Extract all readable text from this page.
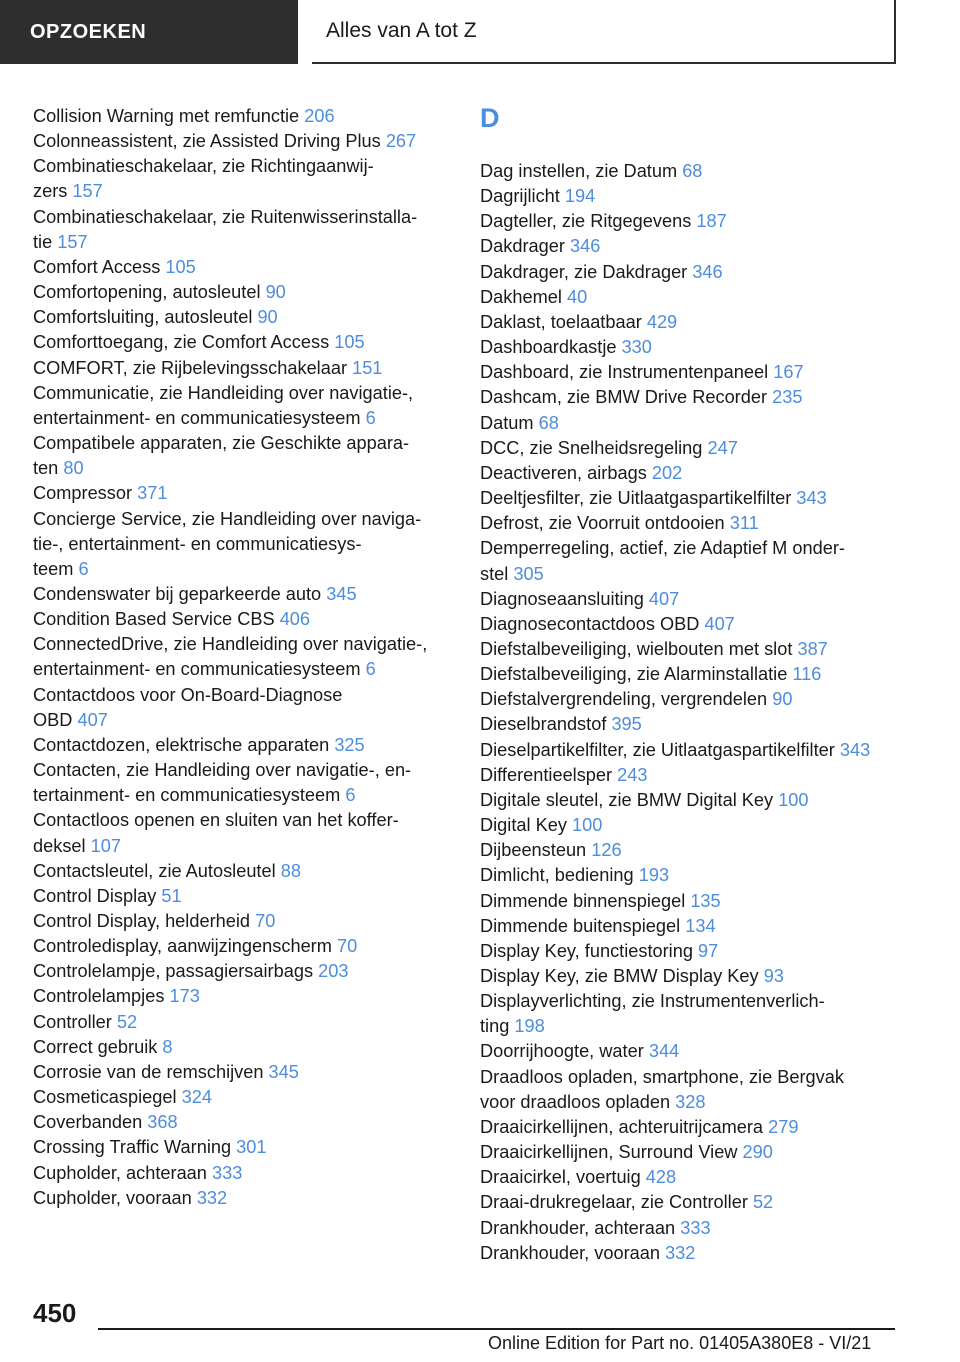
OPZOEKEN	Alles van A tot Z
Collision Warning met remfunctie 206
Colonneassistent, zie Assisted Driving Plus 267
Combinatieschakelaar, zie Richtingaanwij-
zers 157
Combinatieschakelaar, zie Ruitenwisserinstalla-
tie 157
Comfort Access 105
Comfortopening, autosleutel 90
Comfortsluiting, autosleutel 90
Comforttoegang, zie Comfort Access 105
COMFORT, zie Rijbelevingsschakelaar 151
Communicatie, zie Handleiding over navigatie-,
entertainment- en communicatiesysteem 6
Compatibele apparaten, zie Geschikte appara-
ten 80
Compressor 371
Concierge Service, zie Handleiding over naviga-
tie-, entertainment- en communicatiesys-
teem 6
Condenswater bij geparkeerde auto 345
Condition Based Service CBS 406
ConnectedDrive, zie Handleiding over navigatie-,
entertainment- en communicatiesysteem 6
Contactdoos voor On-Board-Diagnose
OBD 407
Contactdozen, elektrische apparaten 325
Contacten, zie Handleiding over navigatie-, en-
tertainment- en communicatiesysteem 6
Contactloos openen en sluiten van het koffer-
deksel 107
Contactsleutel, zie Autosleutel 88
Control Display 51
Control Display, helderheid 70
Controledisplay, aanwijzingenscherm 70
Controlelampje, passagiersairbags 203
Controlelampjes 173
Controller 52
Correct gebruik 8
Corrosie van de remschijven 345
Cosmeticaspiegel 324
Coverbanden 368
Crossing Traffic Warning 301
Cupholder, achteraan 333
Cupholder, vooraan 332
D
Dag instellen, zie Datum 68
Dagrijlicht 194
Dagteller, zie Ritgegevens 187
Dakdrager 346
Dakdrager, zie Dakdrager 346
Dakhemel 40
Daklast, toelaatbaar 429
Dashboardkastje 330
Dashboard, zie Instrumentenpaneel 167
Dashcam, zie BMW Drive Recorder 235
Datum 68
DCC, zie Snelheidsregeling 247
Deactiveren, airbags 202
Deeltjesfilter, zie Uitlaatgaspartikelfilter 343
Defrost, zie Voorruit ontdooien 311
Demperregeling, actief, zie Adaptief M onder-
stel 305
Diagnoseaansluiting 407
Diagnosecontactdoos OBD 407
Diefstalbeveiliging, wielbouten met slot 387
Diefstalbeveiliging, zie Alarminstallatie 116
Diefstalvergrendeling, vergrendelen 90
Dieselbrandstof 395
Dieselpartikelfilter, zie Uitlaatgaspartikelfilter 343
Differentieelsper 243
Digitale sleutel, zie BMW Digital Key 100
Digital Key 100
Dijbeensteun 126
Dimlicht, bediening 193
Dimmende binnenspiegel 135
Dimmende buitenspiegel 134
Display Key, functiestoring 97
Display Key, zie BMW Display Key 93
Displayverlichting, zie Instrumentenverlich-
ting 198
Doorrijhoogte, water 344
Draadloos opladen, smartphone, zie Bergvak
voor draadloos opladen 328
Draaicirkellijnen, achteruitrijcamera 279
Draaicirkellijnen, Surround View 290
Draaicirkel, voertuig 428
Draai-drukregelaar, zie Controller 52
Drankhouder, achteraan 333
Drankhouder, vooraan 332
450
Online Edition for Part no. 01405A380E8 - VI/21
